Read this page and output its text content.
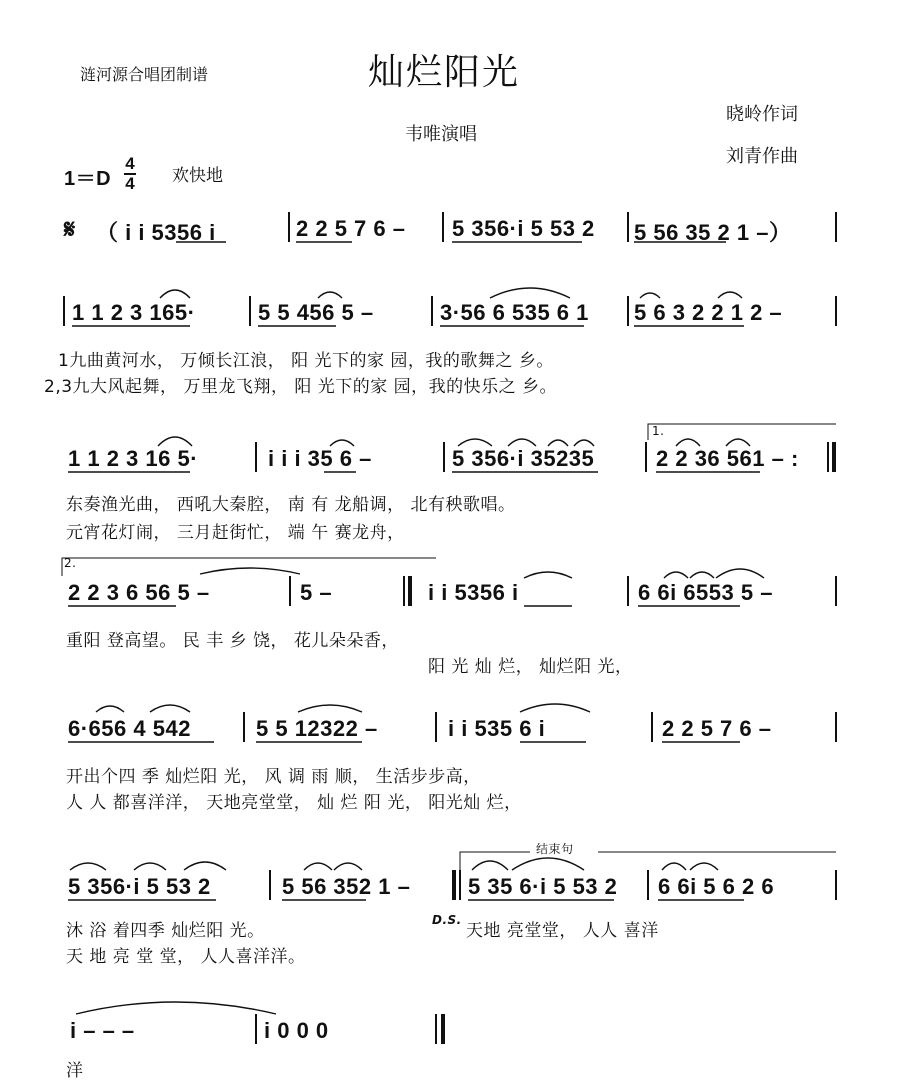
涟河源合唱团制谱	灿烂阳光
晓岭作词
韦唯演唱
刘青作曲
1＝D
4
4 欢快地
𝄋 （ i i 5356 i	2 2 5 7 6 – 5 356·i 5 53 2 5 56 35 2 1 –）
1 1 2 3 165·	5 5 456 5 –	3·56 6 535 6 1 5 6 3 2 2 1 2 –
1九曲黄河水， 万倾长江浪， 阳 光下的家 园，我的歌舞之 乡。
2,3九大风起舞， 万里龙飞翔， 阳 光下的家 园，我的快乐之 乡。
1 1 2 3 16 5·	i i i 35 6 –	5 356·i 35235	2 2 36 561 – :
1.
东奏渔光曲， 西吼大秦腔， 南 有 龙船调， 北有秧歌唱。
元宵花灯闹， 三月赶街忙， 端 午 赛龙舟，
2.
2 2 3 6 56 5 –	5 –	i i 5356 i	6 6i 6553 5 –
重阳 登高望。 民 丰 乡 饶， 花儿朵朵香，
阳 光 灿 烂， 灿烂阳 光，
6·656 4 542	5 5 12322 –	i i 535 6 i	2 2 5 7 6 –
开出个四 季 灿烂阳 光， 风 调 雨 顺， 生活步步高，
人 人 都喜洋洋， 天地亮堂堂， 灿 烂 阳 光， 阳光灿 烂，
5 356·i 5 53 2	5 56 352 1 –	5 35 6·i 5 53 2 6 6i 5 6 2 6
结束句
沐 浴 着四季 灿烂阳 光。
D.S.
天地 亮堂堂， 人人 喜洋
天 地 亮 堂 堂， 人人喜洋洋。
i – – –	i 0 0 0
洋
